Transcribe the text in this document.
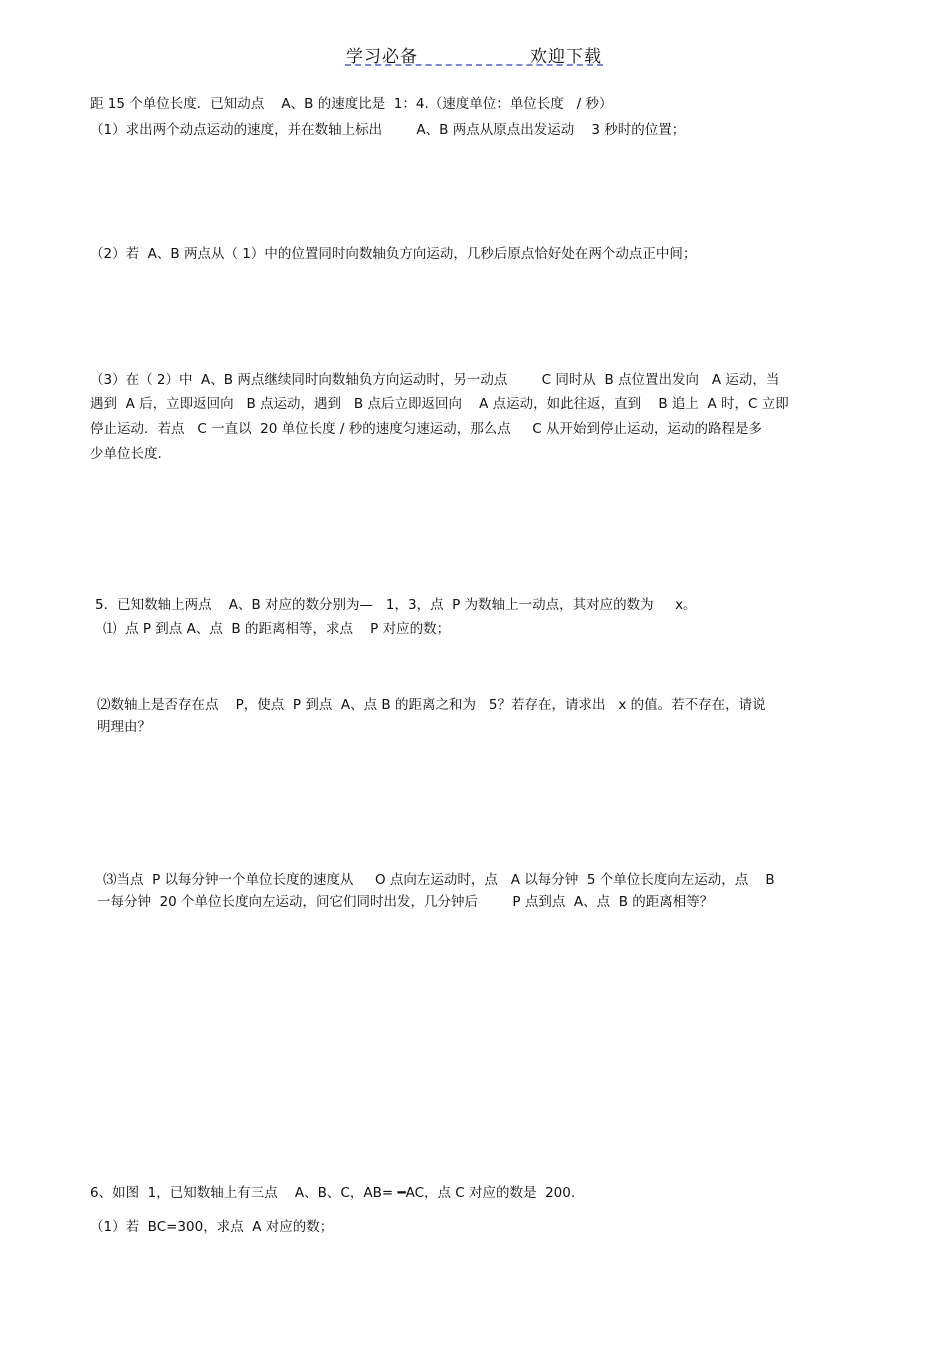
学习必备	欢迎下载
距 15 个单位长度．已知动点    A、B 的速度比是  1：4.（速度单位：单位长度   / 秒）
（1）求出两个动点运动的速度，并在数轴上标出        A、B 两点从原点出发运动    3 秒时的位置；
（2）若  A、B 两点从（ 1）中的位置同时向数轴负方向运动，几秒后原点恰好处在两个动点正中间；
（3）在（ 2）中  A、B 两点继续同时向数轴负方向运动时，另一动点        C 同时从  B 点位置出发向   A 运动，当
遇到  A 后，立即返回向   B 点运动，遇到   B 点后立即返回向    A 点运动，如此往返，直到    B 追上  A 时，C 立即
停止运动．若点   C 一直以  20 单位长度 / 秒的速度匀速运动，那么点     C 从开始到停止运动，运动的路程是多
少单位长度.
5．已知数轴上两点    A、B 对应的数分别为—   1，3，点  P 为数轴上一动点，其对应的数为     x。
⑴  点 P 到点 A、点  B 的距离相等，求点    P 对应的数；
⑵数轴上是否存在点    P，使点  P 到点  A、点 B 的距离之和为   5？若存在，请求出   x 的值。若不存在，请说
明理由？
⑶当点  P 以每分钟一个单位长度的速度从     O 点向左运动时，点   A 以每分钟  5 个单位长度向左运动，点    B
一每分钟  20 个单位长度向左运动，问它们同时出发，几分钟后        P 点到点  A、点  B 的距离相等？
6、如图  1，已知数轴上有三点    A、B、C，AB= ━AC，点 C 对应的数是  200.
（1）若  BC=300，求点  A 对应的数；
